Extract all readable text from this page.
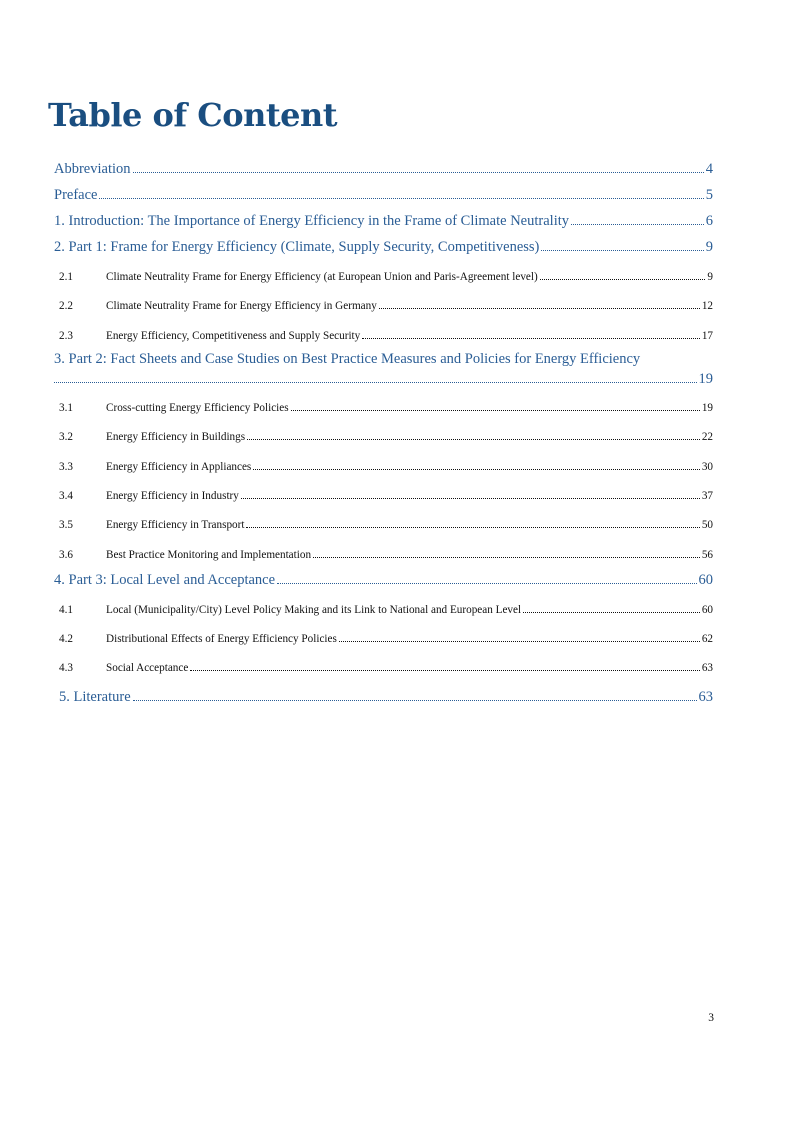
Table of Content
Abbreviation	4
Preface	5
1. Introduction: The Importance of Energy Efficiency in the Frame of Climate Neutrality	6
2. Part 1: Frame for Energy Efficiency (Climate, Supply Security, Competitiveness)	9
2.1	Climate Neutrality Frame for Energy Efficiency (at European Union and Paris-Agreement level)	9
2.2	Climate Neutrality Frame for Energy Efficiency in Germany	12
2.3	Energy Efficiency, Competitiveness and Supply Security	17
3. Part 2: Fact Sheets and Case Studies on Best Practice Measures and Policies for Energy Efficiency
19
3.1	Cross-cutting Energy Efficiency Policies	19
3.2	Energy Efficiency in Buildings	22
3.3	Energy Efficiency in Appliances	30
3.4	Energy Efficiency in Industry	37
3.5	Energy Efficiency in Transport	50
3.6	Best Practice Monitoring and Implementation	56
4. Part 3: Local Level and Acceptance	60
4.1	Local (Municipality/City) Level Policy Making and its Link to National and European Level	60
4.2	Distributional Effects of Energy Efficiency Policies	62
4.3	Social Acceptance	63
5. Literature	63
3
